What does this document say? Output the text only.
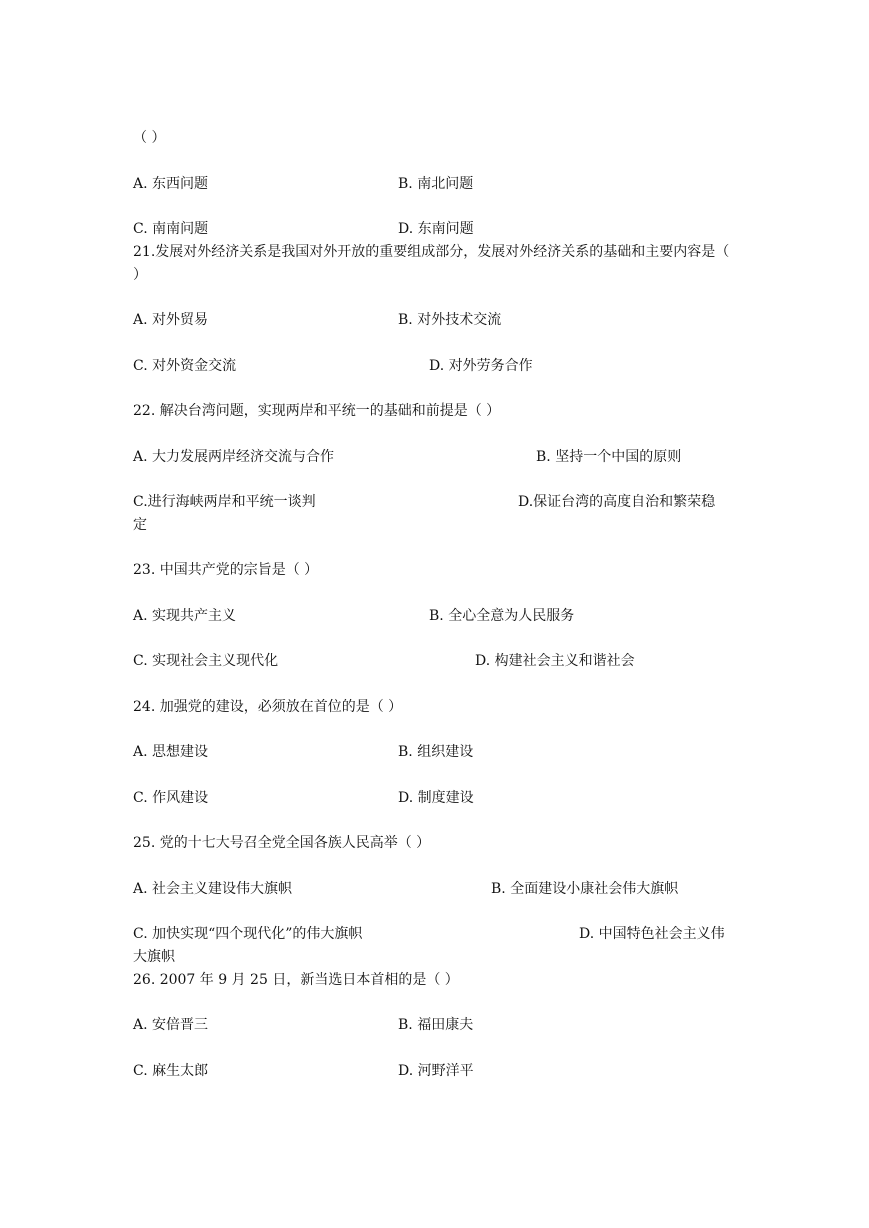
（ ）
A. 东西问题	B. 南北问题
C. 南南问题	D. 东南问题
21.发展对外经济关系是我国对外开放的重要组成部分，发展对外经济关系的基础和主要内容是（ ）
A. 对外贸易	B. 对外技术交流
C. 对外资金交流	D. 对外劳务合作
22. 解决台湾问题，实现两岸和平统一的基础和前提是（ ）
A. 大力发展两岸经济交流与合作	B. 坚持一个中国的原则
C.进行海峡两岸和平统一谈判	D.保证台湾的高度自治和繁荣稳
定
23. 中国共产党的宗旨是（ ）
A. 实现共产主义	B. 全心全意为人民服务
C. 实现社会主义现代化	D. 构建社会主义和谐社会
24. 加强党的建设，必须放在首位的是（ ）
A. 思想建设	B. 组织建设
C. 作风建设	D. 制度建设
25. 党的十七大号召全党全国各族人民高举（ ）
A. 社会主义建设伟大旗帜	B. 全面建设小康社会伟大旗帜
C. 加快实现“四个现代化”的伟大旗帜	D. 中国特色社会主义伟
大旗帜
26. 2007 年 9 月 25 日，新当选日本首相的是（ ）
A. 安倍晋三	B. 福田康夫
C. 麻生太郎	D. 河野洋平
